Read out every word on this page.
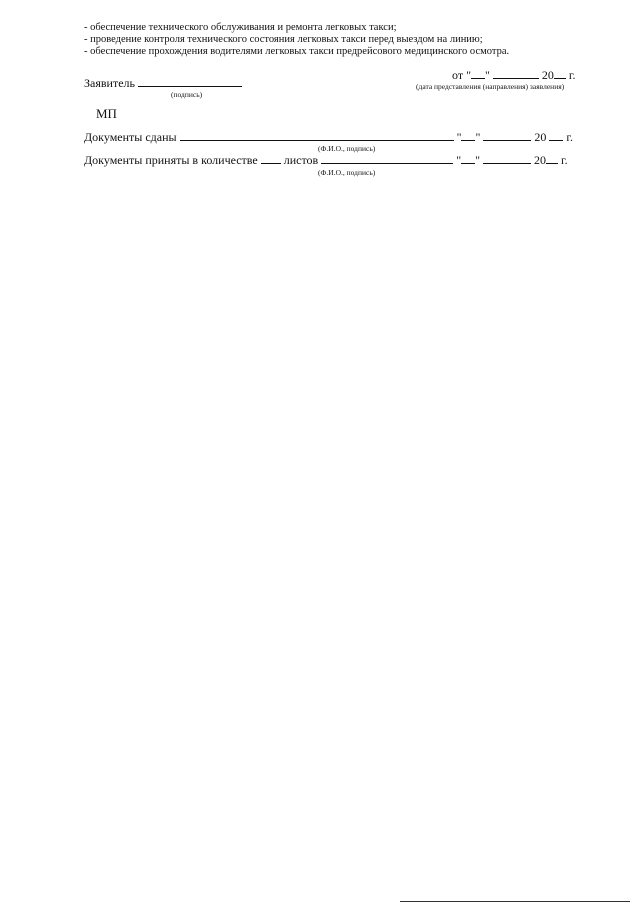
- обеспечение технического обслуживания и ремонта легковых такси;
- проведение контроля технического состояния легковых такси перед выездом на линию;
- обеспечение прохождения водителями легковых такси предрейсового медицинского осмотра.
Заявитель
(подпись)
от " "	20 г.
(дата представления (направления) заявления)
МП
Документы сданы	" "	20 г.
(Ф.И.О., подпись)
Документы приняты в количестве листов	" "	20 г.
(Ф.И.О., подпись)
